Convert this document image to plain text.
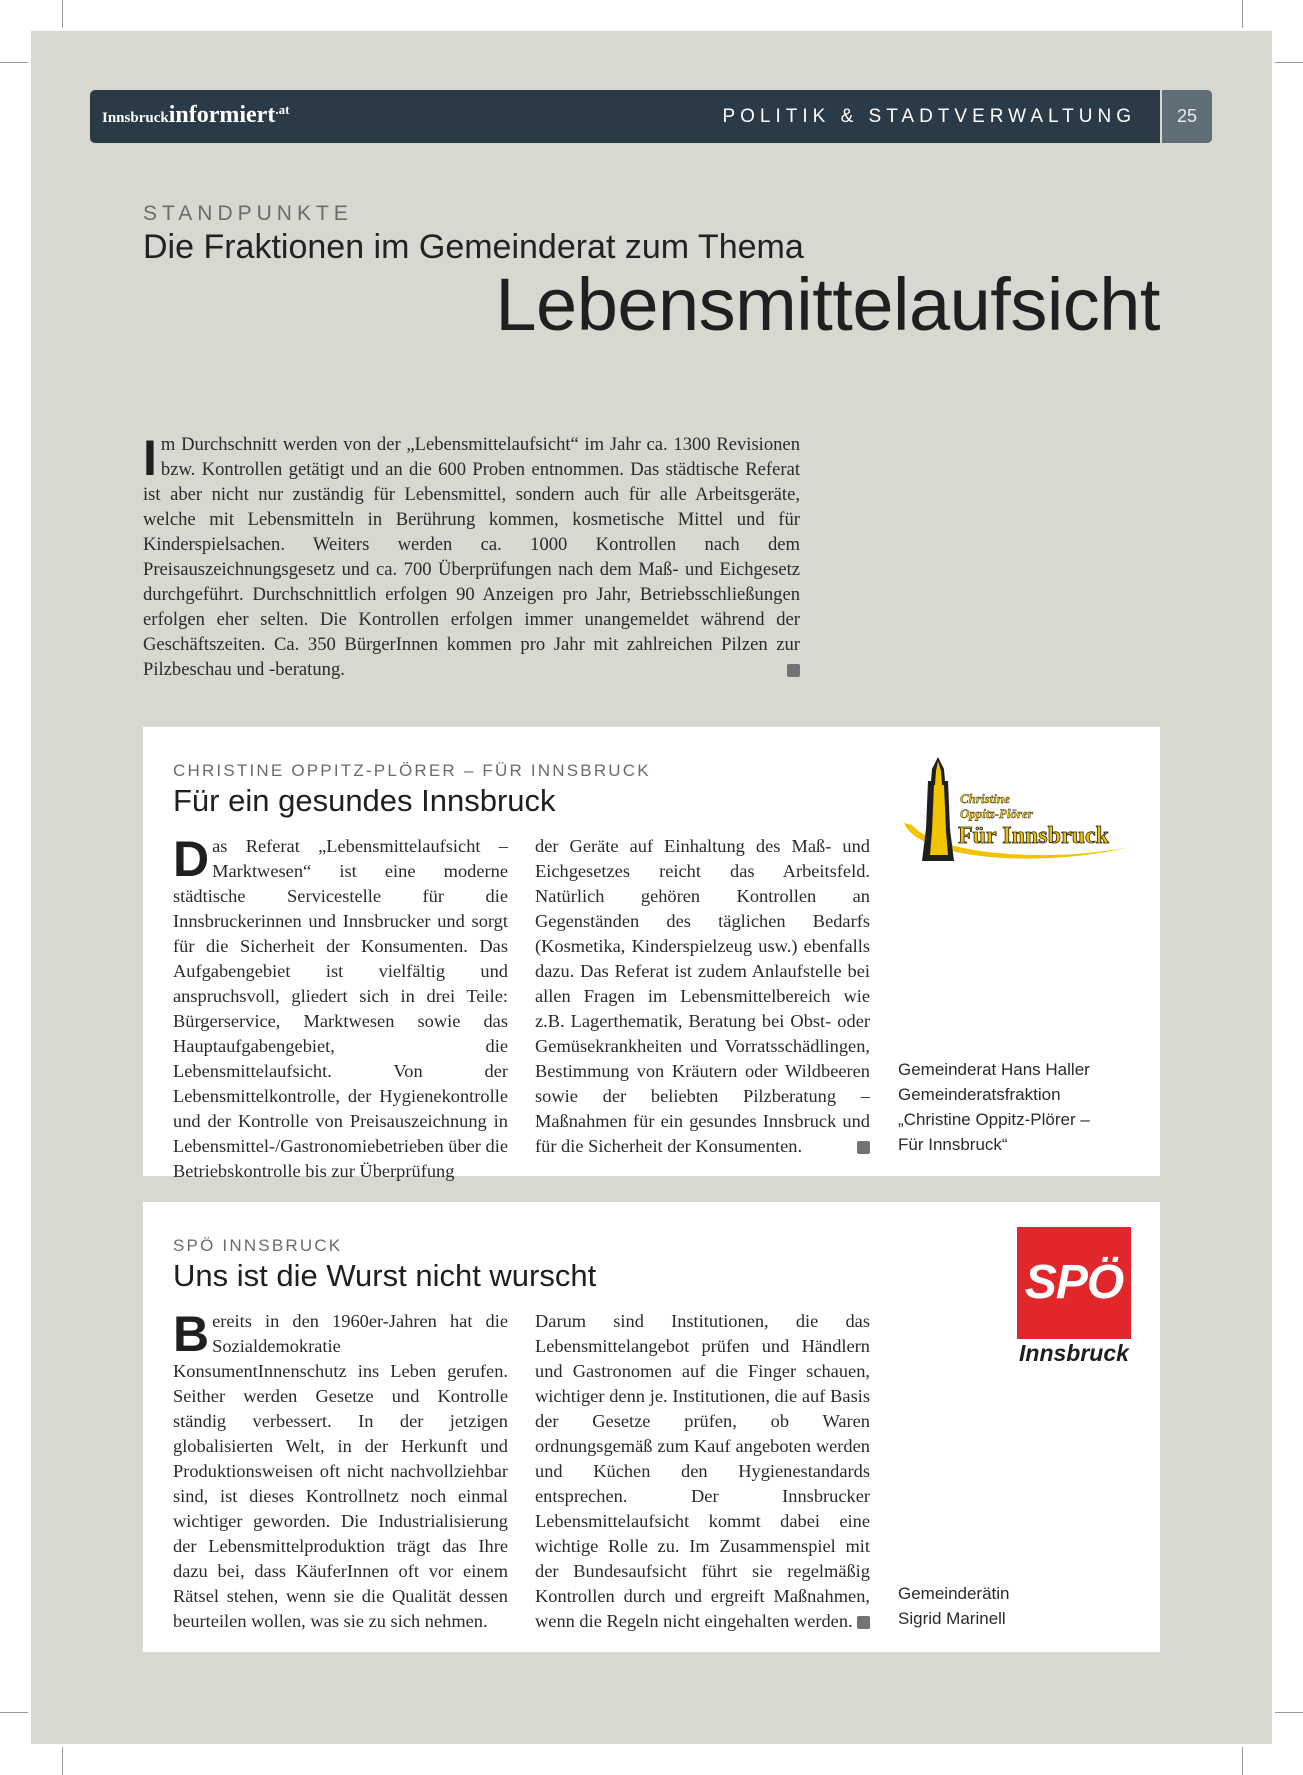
Innsbruckinformiert$^{.at}$	POLITIK & STADTVERWALTUNG	25
STANDPUNKTE
Die Fraktionen im Gemeinderat zum Thema
Lebensmittelaufsicht
Im Durchschnitt werden von der „Lebensmittelaufsicht“ im Jahr ca. 1300 Revisionen bzw. Kontrollen getätigt und an die 600 Proben entnommen. Das städtische Referat ist aber nicht nur zuständig für Lebensmittel, sondern auch für alle Arbeitsgeräte, welche mit Lebensmitteln in Berührung kommen, kosmetische Mittel und für Kinderspielsachen. Weiters werden ca. 1000 Kontrollen nach dem Preisauszeichnungsgesetz und ca. 700 Überprüfungen nach dem Maß- und Eichgesetz durchgeführt. Durchschnittlich erfolgen 90 Anzeigen pro Jahr, Betriebsschließungen erfolgen eher selten. Die Kontrollen erfolgen immer unangemeldet während der Geschäftszeiten. Ca. 350 BürgerInnen kommen pro Jahr mit zahlreichen Pilzen zur Pilzbeschau und -beratung.
CHRISTINE OPPITZ-PLÖRER – FÜR INNSBRUCK
Für ein gesundes Innsbruck
Das Referat „Lebensmittelaufsicht – Marktwesen“ ist eine moderne städtische Servicestelle für die Innsbruckerinnen und Innsbrucker und sorgt für die Sicherheit der Konsumenten. Das Aufgabengebiet ist vielfältig und anspruchsvoll, gliedert sich in drei Teile: Bürgerservice, Marktwesen sowie das Hauptaufgabengebiet, die Lebensmittelaufsicht. Von der Lebensmittelkontrolle, der Hygienekontrolle und der Kontrolle von Preisauszeichnung in Lebensmittel-/Gastronomiebetrieben über die Betriebskontrolle bis zur Überprüfung
der Geräte auf Einhaltung des Maß- und Eichgesetzes reicht das Arbeitsfeld. Natürlich gehören Kontrollen an Gegenständen des täglichen Bedarfs (Kosmetika, Kinderspielzeug usw.) ebenfalls dazu. Das Referat ist zudem Anlaufstelle bei allen Fragen im Lebensmittelbereich wie z.B. Lagerthematik, Beratung bei Obst- oder Gemüsekrankheiten und Vorratsschädlingen, Bestimmung von Kräutern oder Wildbeeren sowie der beliebten Pilzberatung – Maßnahmen für ein gesundes Innsbruck und für die Sicherheit der Konsumenten.
Christine
Oppitz-Plörer
Für Innsbruck
Gemeinderat Hans Haller
Gemeinderatsfraktion
„Christine Oppitz-Plörer –
Für Innsbruck“
SPÖ INNSBRUCK
Uns ist die Wurst nicht wurscht
Bereits in den 1960er-Jahren hat die Sozialdemokratie KonsumentInnenschutz ins Leben gerufen. Seither werden Gesetze und Kontrolle ständig verbessert. In der jetzigen globalisierten Welt, in der Herkunft und Produktionsweisen oft nicht nachvollziehbar sind, ist dieses Kontrollnetz noch einmal wichtiger geworden. Die Industrialisierung der Lebensmittelproduktion trägt das Ihre dazu bei, dass KäuferInnen oft vor einem Rätsel stehen, wenn sie die Qualität dessen beurteilen wollen, was sie zu sich nehmen.
Darum sind Institutionen, die das Lebensmittelangebot prüfen und Händlern und Gastronomen auf die Finger schauen, wichtiger denn je. Institutionen, die auf Basis der Gesetze prüfen, ob Waren ordnungsgemäß zum Kauf angeboten werden und Küchen den Hygienestandards entsprechen. Der Innsbrucker Lebensmittelaufsicht kommt dabei eine wichtige Rolle zu. Im Zusammenspiel mit der Bundesaufsicht führt sie regelmäßig Kontrollen durch und ergreift Maßnahmen, wenn die Regeln nicht eingehalten werden.
SPÖ
Innsbruck
Gemeinderätin
Sigrid Marinell
